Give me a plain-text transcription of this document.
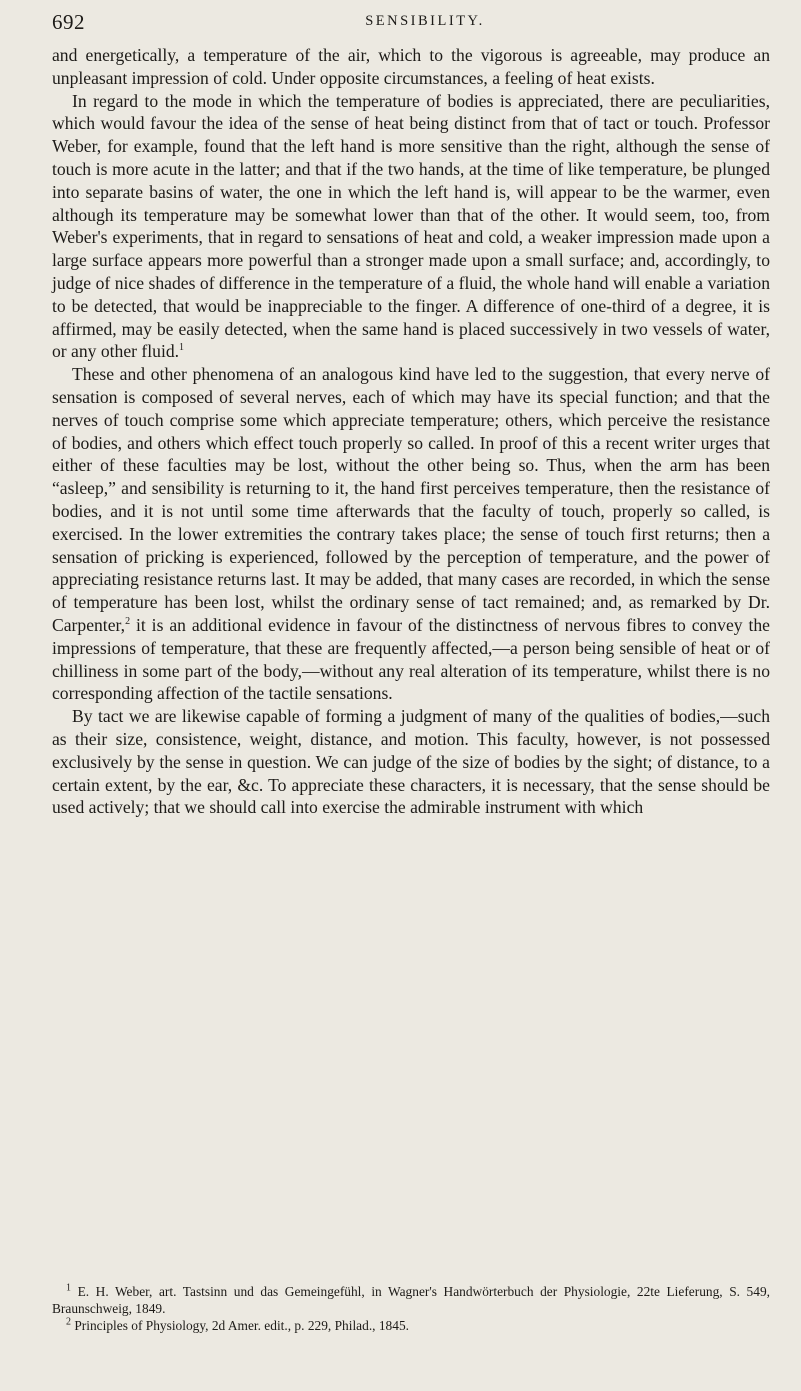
692	SENSIBILITY.

and energetically, a temperature of the air, which to the vigorous is agreeable, may produce an unpleasant impression of cold. Under opposite circumstances, a feeling of heat exists.

In regard to the mode in which the temperature of bodies is appreciated, there are peculiarities, which would favour the idea of the sense of heat being distinct from that of tact or touch. Professor Weber, for example, found that the left hand is more sensitive than the right, although the sense of touch is more acute in the latter; and that if the two hands, at the time of like temperature, be plunged into separate basins of water, the one in which the left hand is, will appear to be the warmer, even although its temperature may be somewhat lower than that of the other. It would seem, too, from Weber's experiments, that in regard to sensations of heat and cold, a weaker impression made upon a large surface appears more powerful than a stronger made upon a small surface; and, accordingly, to judge of nice shades of difference in the temperature of a fluid, the whole hand will enable a variation to be detected, that would be inappreciable to the finger. A difference of one-third of a degree, it is affirmed, may be easily detected, when the same hand is placed successively in two vessels of water, or any other fluid.$^1$

These and other phenomena of an analogous kind have led to the suggestion, that every nerve of sensation is composed of several nerves, each of which may have its special function; and that the nerves of touch comprise some which appreciate temperature; others, which perceive the resistance of bodies, and others which effect touch properly so called. In proof of this a recent writer urges that either of these faculties may be lost, without the other being so. Thus, when the arm has been “asleep,” and sensibility is returning to it, the hand first perceives temperature, then the resistance of bodies, and it is not until some time afterwards that the faculty of touch, properly so called, is exercised. In the lower extremities the contrary takes place; the sense of touch first returns; then a sensation of pricking is experienced, followed by the perception of temperature, and the power of appreciating resistance returns last. It may be added, that many cases are recorded, in which the sense of temperature has been lost, whilst the ordinary sense of tact remained; and, as remarked by Dr. Carpenter,$^2$ it is an additional evidence in favour of the distinctness of nervous fibres to convey the impressions of temperature, that these are frequently affected,—a person being sensible of heat or of chilliness in some part of the body,—without any real alteration of its temperature, whilst there is no corresponding affection of the tactile sensations.

By tact we are likewise capable of forming a judgment of many of the qualities of bodies,—such as their size, consistence, weight, distance, and motion. This faculty, however, is not possessed exclusively by the sense in question. We can judge of the size of bodies by the sight; of distance, to a certain extent, by the ear, &c. To appreciate these characters, it is necessary, that the sense should be used actively; that we should call into exercise the admirable instrument with which

$^1$ E. H. Weber, art. Tastsinn und das Gemeingefühl, in Wagner's Handwörterbuch der Physiologie, 22te Lieferung, S. 549, Braunschweig, 1849.

$^2$ Principles of Physiology, 2d Amer. edit., p. 229, Philad., 1845.
